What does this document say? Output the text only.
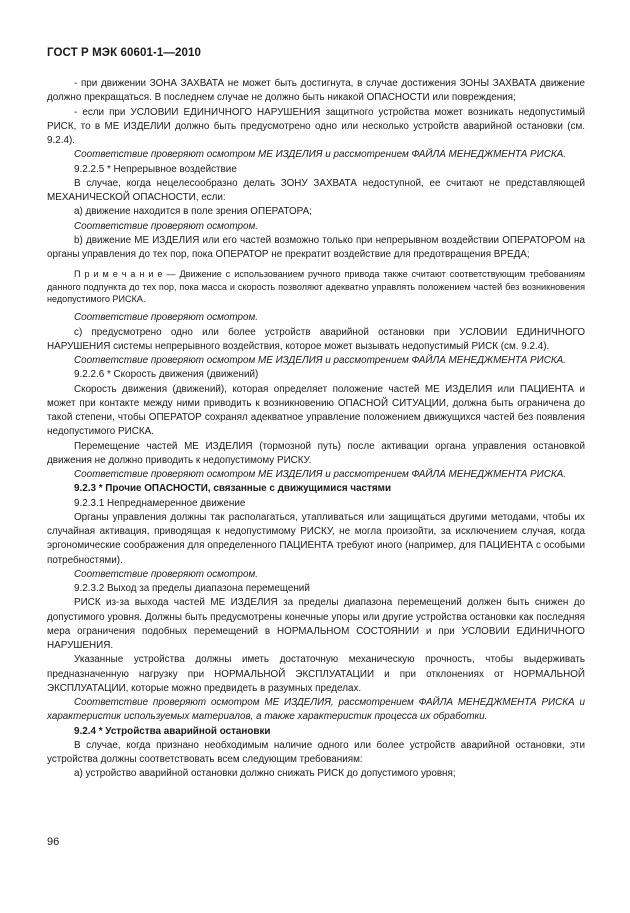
ГОСТ Р МЭК 60601-1—2010

- при движении ЗОНА ЗАХВАТА не может быть достигнута, в случае достижения ЗОНЫ ЗАХВАТА движение должно прекращаться. В последнем случае не должно быть никакой ОПАСНОСТИ или повреждения;

- если при УСЛОВИИ ЕДИНИЧНОГО НАРУШЕНИЯ защитного устройства может возникать недопустимый РИСК, то в МЕ ИЗДЕЛИИ должно быть предусмотрено одно или несколько устройств аварийной остановки (см. 9.2.4).

Соответствие проверяют осмотром МЕ ИЗДЕЛИЯ и рассмотрением ФАЙЛА МЕНЕДЖМЕНТА РИСКА.

9.2.2.5 * Непрерывное воздействие

В случае, когда нецелесообразно делать ЗОНУ ЗАХВАТА недоступной, ее считают не представляющей МЕХАНИЧЕСКОЙ ОПАСНОСТИ, если:

а) движение находится в поле зрения ОПЕРАТОРА;

Соответствие проверяют осмотром.

b) движение МЕ ИЗДЕЛИЯ или его частей возможно только при непрерывном воздействии ОПЕРАТОРОМ на органы управления до тех пор, пока ОПЕРАТОР не прекратит воздействие для предотвращения ВРЕДА;

П р и м е ч а н и е — Движение с использованием ручного привода также считают соответствующим требованиям данного подпункта до тех пор, пока масса и скорость позволяют адекватно управлять положением частей без возникновения недопустимого РИСКА.

Соответствие проверяют осмотром.

с) предусмотрено одно или более устройств аварийной остановки при УСЛОВИИ ЕДИНИЧНОГО НАРУШЕНИЯ системы непрерывного воздействия, которое может вызывать недопустимый РИСК (см. 9.2.4).

Соответствие проверяют осмотром МЕ ИЗДЕЛИЯ и рассмотрением ФАЙЛА МЕНЕДЖМЕНТА РИСКА.

9.2.2.6 * Скорость движения (движений)

Скорость движения (движений), которая определяет положение частей МЕ ИЗДЕЛИЯ или ПАЦИЕНТА и может при контакте между ними приводить к возникновению ОПАСНОЙ СИТУАЦИИ, должна быть ограничена до такой степени, чтобы ОПЕРАТОР сохранял адекватное управление положением движущихся частей без появления недопустимого РИСКА.

Перемещение частей МЕ ИЗДЕЛИЯ (тормозной путь) после активации органа управления остановкой движения не должно приводить к недопустимому РИСКУ.

Соответствие проверяют осмотром МЕ ИЗДЕЛИЯ и рассмотрением ФАЙЛА МЕНЕДЖМЕНТА РИСКА.

9.2.3 * Прочие ОПАСНОСТИ, связанные с движущимися частями

9.2.3.1 Непреднамеренное движение

Органы управления должны так располагаться, утапливаться или защищаться другими методами, чтобы их случайная активация, приводящая к недопустимому РИСКУ, не могла произойти, за исключением случая, когда эргономические соображения для определенного ПАЦИЕНТА требуют иного (например, для ПАЦИЕНТА с особыми потребностями).

Соответствие проверяют осмотром.

9.2.3.2 Выход за пределы диапазона перемещений

РИСК из-за выхода частей МЕ ИЗДЕЛИЯ за пределы диапазона перемещений должен быть снижен до допустимого уровня. Должны быть предусмотрены конечные упоры или другие устройства остановки как последняя мера ограничения подобных перемещений в НОРМАЛЬНОМ СОСТОЯНИИ и при УСЛОВИИ ЕДИНИЧНОГО НАРУШЕНИЯ.

Указанные устройства должны иметь достаточную механическую прочность, чтобы выдерживать предназначенную нагрузку при НОРМАЛЬНОЙ ЭКСПЛУАТАЦИИ и при отклонениях от НОРМАЛЬНОЙ ЭКСПЛУАТАЦИИ, которые можно предвидеть в разумных пределах.

Соответствие проверяют осмотром МЕ ИЗДЕЛИЯ, рассмотрением ФАЙЛА МЕНЕДЖМЕНТА РИСКА и характеристик используемых материалов, а также характеристик процесса их обработки.

9.2.4 * Устройства аварийной остановки

В случае, когда признано необходимым наличие одного или более устройств аварийной остановки, эти устройства должны соответствовать всем следующим требованиям:

а) устройство аварийной остановки должно снижать РИСК до допустимого уровня;

96
